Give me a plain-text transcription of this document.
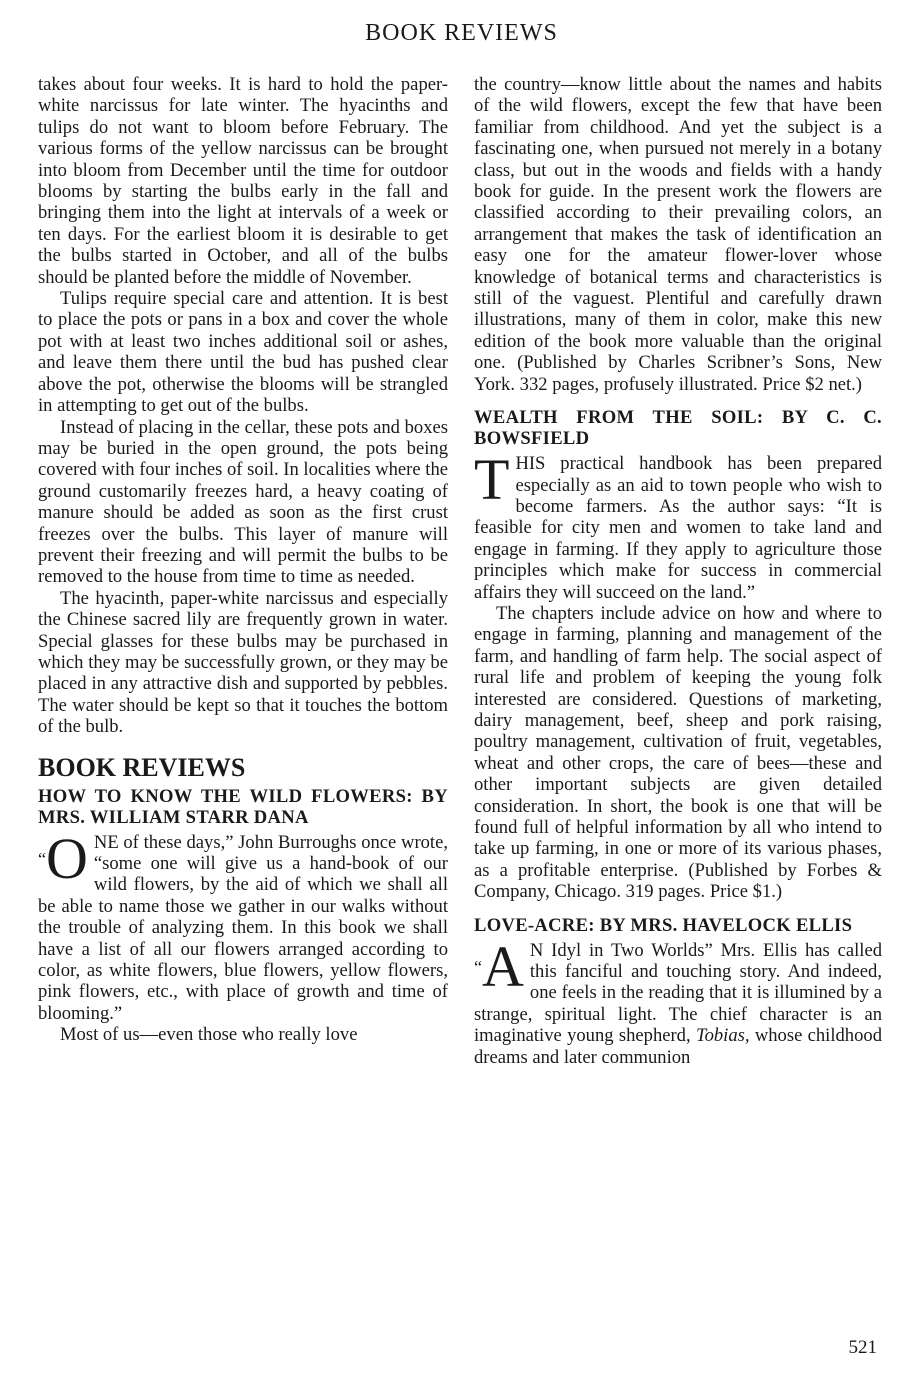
BOOK REVIEWS

takes about four weeks. It is hard to hold the paper-white narcissus for late winter. The hyacinths and tulips do not want to bloom before February. The various forms of the yellow narcissus can be brought into bloom from December until the time for outdoor blooms by starting the bulbs early in the fall and bringing them into the light at intervals of a week or ten days. For the earliest bloom it is desirable to get the bulbs started in October, and all of the bulbs should be planted before the middle of November.

Tulips require special care and attention. It is best to place the pots or pans in a box and cover the whole pot with at least two inches additional soil or ashes, and leave them there until the bud has pushed clear above the pot, otherwise the blooms will be strangled in attempting to get out of the bulbs.

Instead of placing in the cellar, these pots and boxes may be buried in the open ground, the pots being covered with four inches of soil. In localities where the ground customarily freezes hard, a heavy coating of manure should be added as soon as the first crust freezes over the bulbs. This layer of manure will prevent their freezing and will permit the bulbs to be removed to the house from time to time as needed.

The hyacinth, paper-white narcissus and especially the Chinese sacred lily are frequently grown in water. Special glasses for these bulbs may be purchased in which they may be successfully grown, or they may be placed in any attractive dish and supported by pebbles. The water should be kept so that it touches the bottom of the bulb.

BOOK REVIEWS
HOW TO KNOW THE WILD FLOWERS: BY MRS. WILLIAM STARR DANA

“O NE of these days,” John Burroughs once wrote, “some one will give us a hand-book of our wild flowers, by the aid of which we shall all be able to name those we gather in our walks without the trouble of analyzing them. In this book we shall have a list of all our flowers arranged according to color, as white flowers, blue flowers, yellow flowers, pink flowers, etc., with place of growth and time of blooming.”

Most of us—even those who really love

the country—know little about the names and habits of the wild flowers, except the few that have been familiar from childhood. And yet the subject is a fascinating one, when pursued not merely in a botany class, but out in the woods and fields with a handy book for guide. In the present work the flowers are classified according to their prevailing colors, an arrangement that makes the task of identification an easy one for the amateur flower-lover whose knowledge of botanical terms and characteristics is still of the vaguest. Plentiful and carefully drawn illustrations, many of them in color, make this new edition of the book more valuable than the original one. (Published by Charles Scribner’s Sons, New York. 332 pages, profusely illustrated. Price $2 net.)

WEALTH FROM THE SOIL: BY C. C. BOWSFIELD

THIS practical handbook has been prepared especially as an aid to town people who wish to become farmers. As the author says: “It is feasible for city men and women to take land and engage in farming. If they apply to agriculture those principles which make for success in commercial affairs they will succeed on the land.”

The chapters include advice on how and where to engage in farming, planning and management of the farm, and handling of farm help. The social aspect of rural life and problem of keeping the young folk interested are considered. Questions of marketing, dairy management, beef, sheep and pork raising, poultry management, cultivation of fruit, vegetables, wheat and other crops, the care of bees—these and other important subjects are given detailed consideration. In short, the book is one that will be found full of helpful information by all who intend to take up farming, in one or more of its various phases, as a profitable enterprise. (Published by Forbes & Company, Chicago. 319 pages. Price $1.)

LOVE-ACRE: BY MRS. HAVELOCK ELLIS

“A N Idyl in Two Worlds” Mrs. Ellis has called this fanciful and touching story. And indeed, one feels in the reading that it is illumined by a strange, spiritual light. The chief character is an imaginative young shepherd, Tobias, whose childhood dreams and later communion

521
